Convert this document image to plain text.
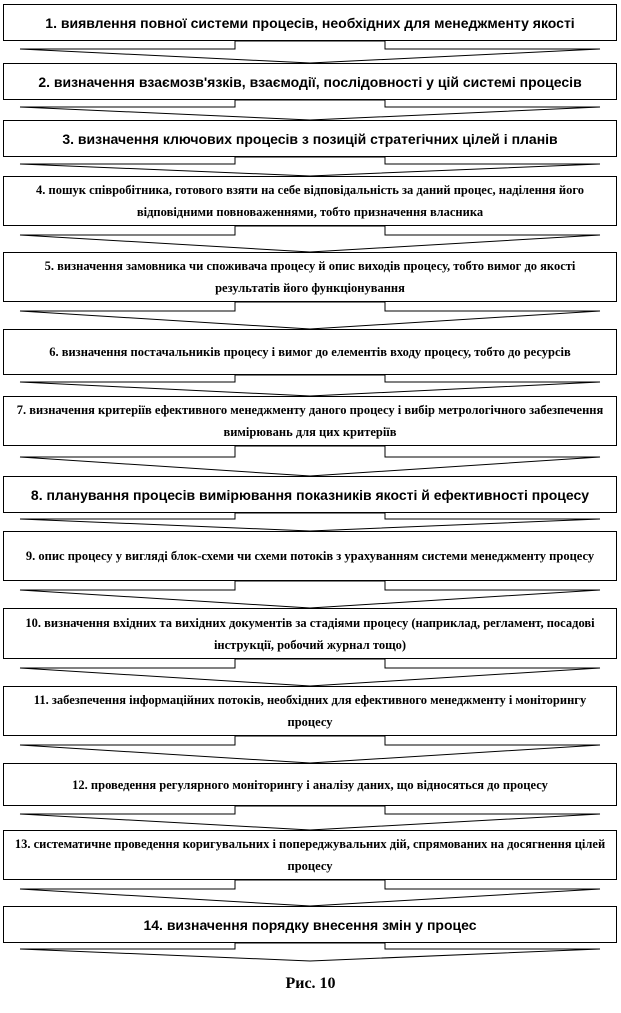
1. виявлення повної системи процесів, необхідних для менеджменту якості
2. визначення взаємозв'язків, взаємодії, послідовності у цій системі процесів
3. визначення ключових процесів з позицій стратегічних цілей і планів
4. пошук співробітника, готового взяти на себе відповідальність за даний процес, наділення його відповідними повноваженнями, тобто призначення власника
5. визначення замовника чи споживача процесу й опис виходів процесу, тобто вимог до якості результатів його функціонування
6. визначення постачальників процесу і вимог до елементів входу процесу, тобто до ресурсів
7. визначення критеріїв ефективного менеджменту даного процесу і вибір метрологічного забезпечення вимірювань для цих критеріїв
8. планування процесів вимірювання показників якості й ефективності процесу
9. опис процесу у вигляді блок-схеми чи схеми потоків з урахуванням системи менеджменту процесу
10. визначення вхідних та вихідних документів за стадіями процесу (наприклад, регламент, посадові інструкції, робочий журнал тощо)
11. забезпечення інформаційних потоків, необхідних для ефективного менеджменту і моніторингу процесу
12. проведення регулярного моніторингу і аналізу даних, що відносяться до процесу
13. систематичне проведення коригувальних і попереджувальних дій, спрямованих на досягнення цілей процесу
14. визначення порядку внесення змін у процес
Рис. 10
